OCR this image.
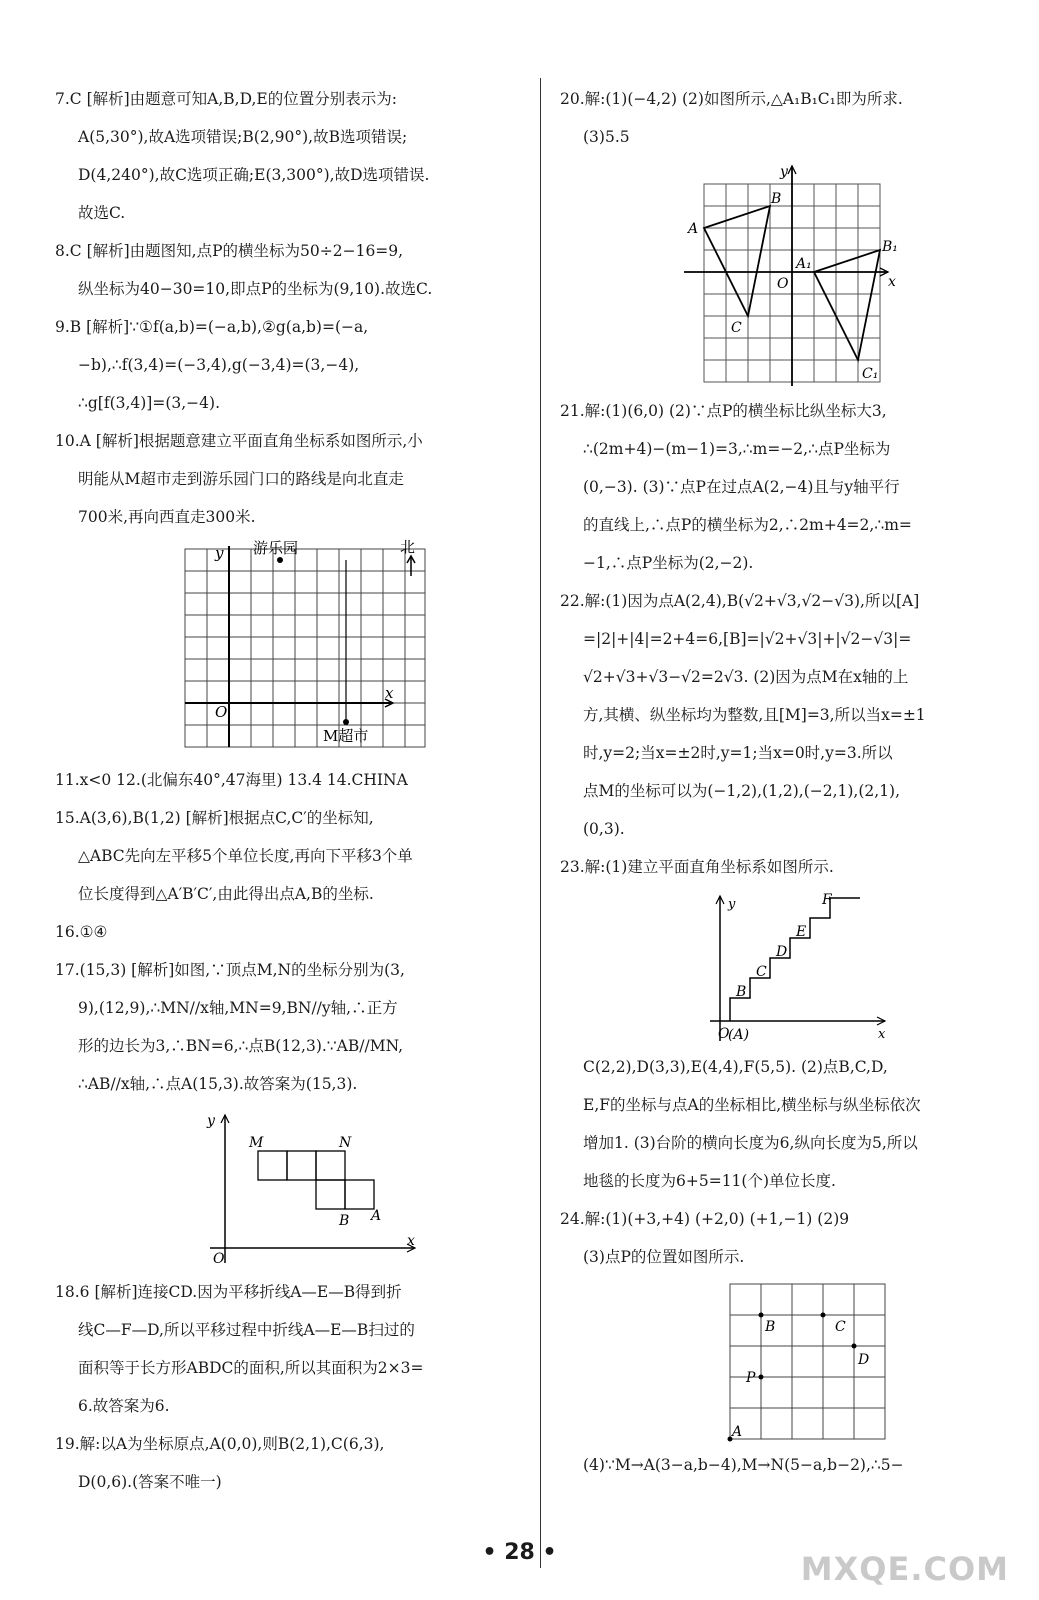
7.C [解析]由题意可知A,B,D,E的位置分别表示为:

A(5,30°),故A选项错误;B(2,90°),故B选项错误;

D(4,240°),故C选项正确;E(3,300°),故D选项错误.

故选C.

8.C [解析]由题图知,点P的横坐标为50÷2−16=9,

纵坐标为40−30=10,即点P的坐标为(9,10).故选C.

9.B [解析]∵①f(a,b)=(−a,b),②g(a,b)=(−a,

−b),∴f(3,4)=(−3,4),g(−3,4)=(3,−4),

∴g[f(3,4)]=(3,−4).

10.A [解析]根据题意建立平面直角坐标系如图所示,小

明能从M超市走到游乐园门口的路线是向北直走

700米,再向西直走300米.

y
x
O
北
游乐园
M超市

11.x<0 12.(北偏东40°,47海里) 13.4 14.CHINA

15.A(3,6),B(1,2) [解析]根据点C,C′的坐标知,

△ABC先向左平移5个单位长度,再向下平移3个单

位长度得到△A′B′C′,由此得出点A,B的坐标.

16.①④

17.(15,3) [解析]如图,∵顶点M,N的坐标分别为(3,

9),(12,9),∴MN//x轴,MN=9,BN//y轴,∴正方

形的边长为3,∴BN=6,∴点B(12,3).∵AB//MN,

∴AB//x轴,∴点A(15,3).故答案为(15,3).

y
x
O
M	N
B A

18.6 [解析]连接CD.因为平移折线A—E—B得到折

线C—F—D,所以平移过程中折线A—E—B扫过的

面积等于长方形ABDC的面积,所以其面积为2×3=

6.故答案为6.

19.解:以A为坐标原点,A(0,0),则B(2,1),C(6,3),

D(0,6).(答案不唯一)

20.解:(1)(−4,2) (2)如图所示,△A₁B₁C₁即为所求.

(3)5.5

y
x
O
A
B
C
A₁
B₁
C₁

21.解:(1)(6,0) (2)∵点P的横坐标比纵坐标大3,

∴(2m+4)−(m−1)=3,∴m=−2,∴点P坐标为

(0,−3). (3)∵点P在过点A(2,−4)且与y轴平行

的直线上,∴点P的横坐标为2,∴2m+4=2,∴m=

−1,∴点P坐标为(2,−2).

22.解:(1)因为点A(2,4),B(√2+√3,√2−√3),所以[A]

=|2|+|4|=2+4=6,[B]=|√2+√3|+|√2−√3|=

√2+√3+√3−√2=2√3. (2)因为点M在x轴的上

方,其横、纵坐标均为整数,且[M]=3,所以当x=±1

时,y=2;当x=±2时,y=1;当x=0时,y=3.所以

点M的坐标可以为(−1,2),(1,2),(−2,1),(2,1),

(0,3).

23.解:(1)建立平面直角坐标系如图所示.

y
x
O
(A)
B
C
D
E
F

C(2,2),D(3,3),E(4,4),F(5,5). (2)点B,C,D,

E,F的坐标与点A的坐标相比,横坐标与纵坐标依次

增加1. (3)台阶的横向长度为6,纵向长度为5,所以

地毯的长度为6+5=11(个)单位长度.

24.解:(1)(+3,+4) (+2,0) (+1,−1) (2)9

(3)点P的位置如图所示.

B	C
D
P
A

(4)∵M→A(3−a,b−4),M→N(5−a,b−2),∴5−

• 28 •	MXQE.COM
